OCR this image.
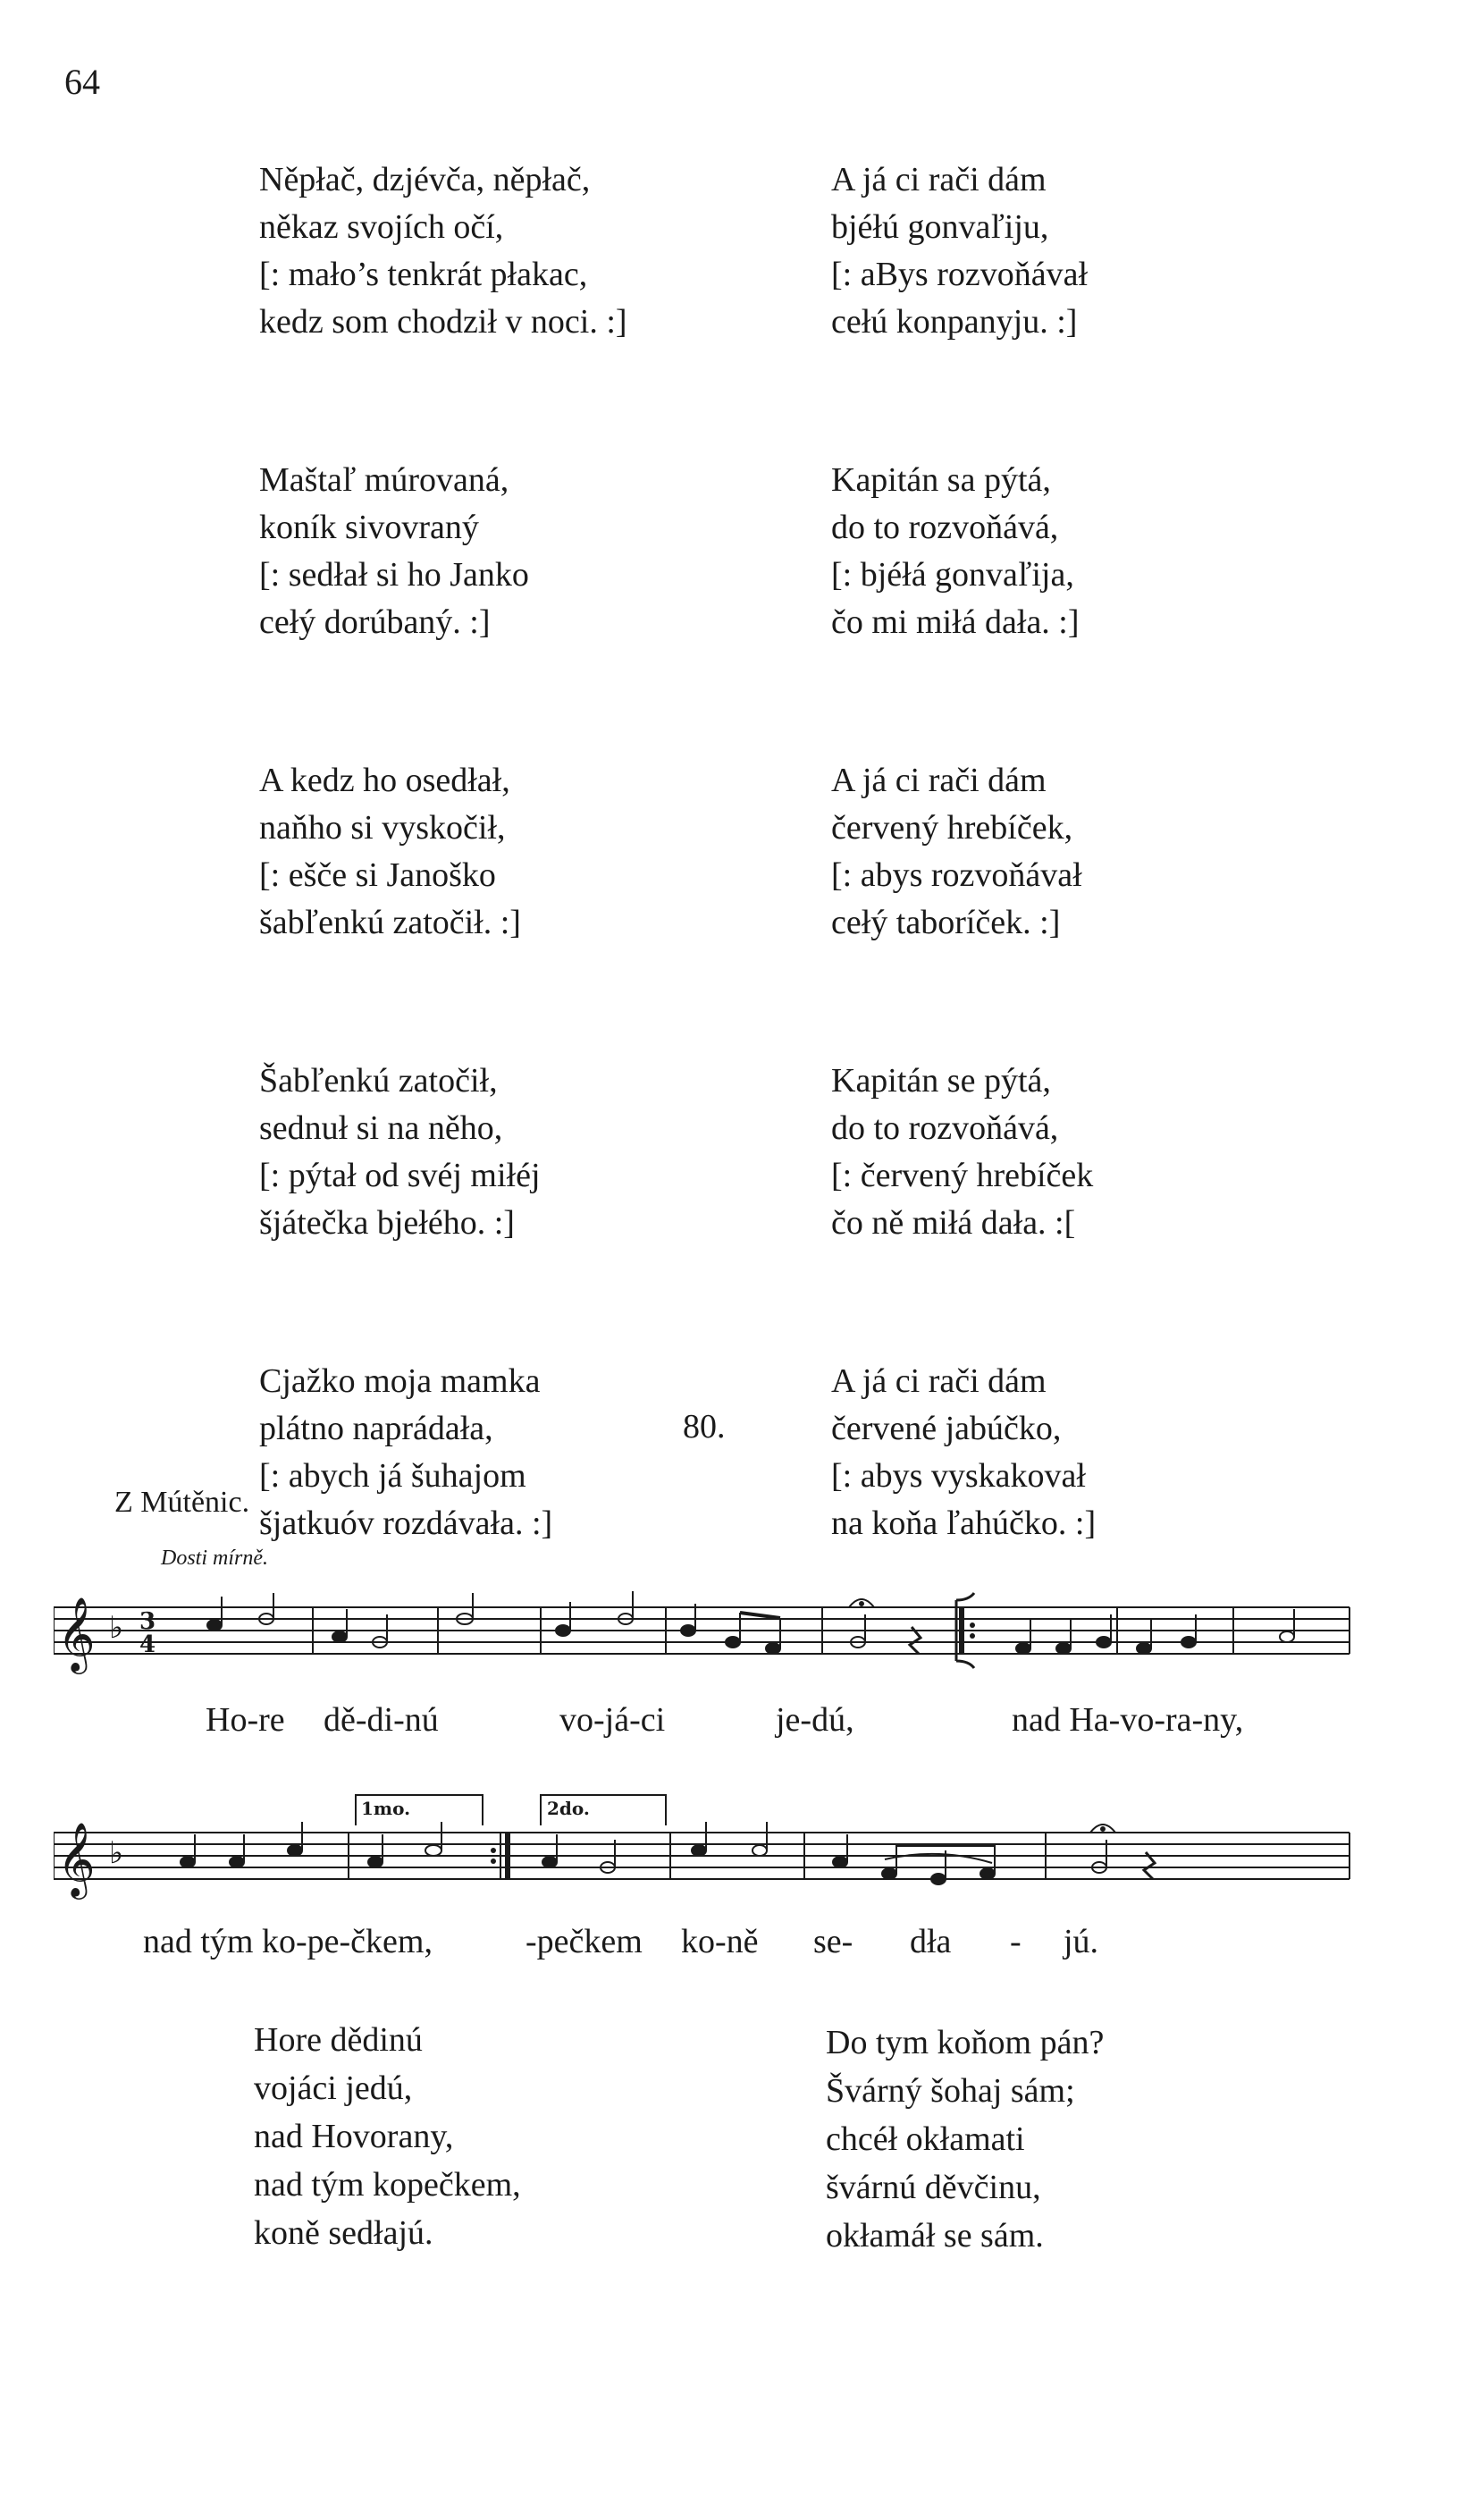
64
Něpłač, dzjévča, něpłač,
někaz svojích očí,
[: mało’s tenkrát płakac,
kedz som chodził v noci. :]
Maštaľ múrovaná,
koník sivovraný
[: sedłał si ho Janko
cełý dorúbaný. :]
A kedz ho osedłał,
naňho si vyskočił,
[: ešče si Janoško
šabľenkú zatočił. :]
Šabľenkú zatočił,
sednuł si na něho,
[: pýtał od svéj miłéj
šjátečka bjełého. :]
Cjažko moja mamka
plátno naprádała,
[: abych já šuhajom
šjatkuóv rozdávała. :]
A já ci rači dám
bjéłú gonvaľiju,
[: aBys rozvoňávał
cełú konpanyju. :]
Kapitán sa pýtá,
do to rozvoňává,
[: bjéłá gonvaľija,
čo mi miłá dała. :]
A já ci rači dám
červený hrebíček,
[: abys rozvoňávał
cełý taboríček. :]
Kapitán se pýtá,
do to rozvoňává,
[: červený hrebíček
čo ně miłá dała. :[
A já ci rači dám
červené jabúčko,
[: abys vyskakovał
na koňa ľahúčko. :]
80.
Z Mútěnic.
Dosti mírně.
𝄞 ♭ 3
4
Ho-re dě-di-nú	vo-já-ci	je-dú,	nad Ha-vo-ra-ny,
1mo.	2do.
𝄞 ♭
nad tým ko-pe-čkem,	-pečkem ko-ně se- dła - jú.
Hore dědinú
vojáci jedú,
nad Hovorany,
nad tým kopečkem,
koně sedłajú.
Do tym koňom pán?
Švárný šohaj sám;
chcéł okłamati
švárnú děvčinu,
okłamáł se sám.
